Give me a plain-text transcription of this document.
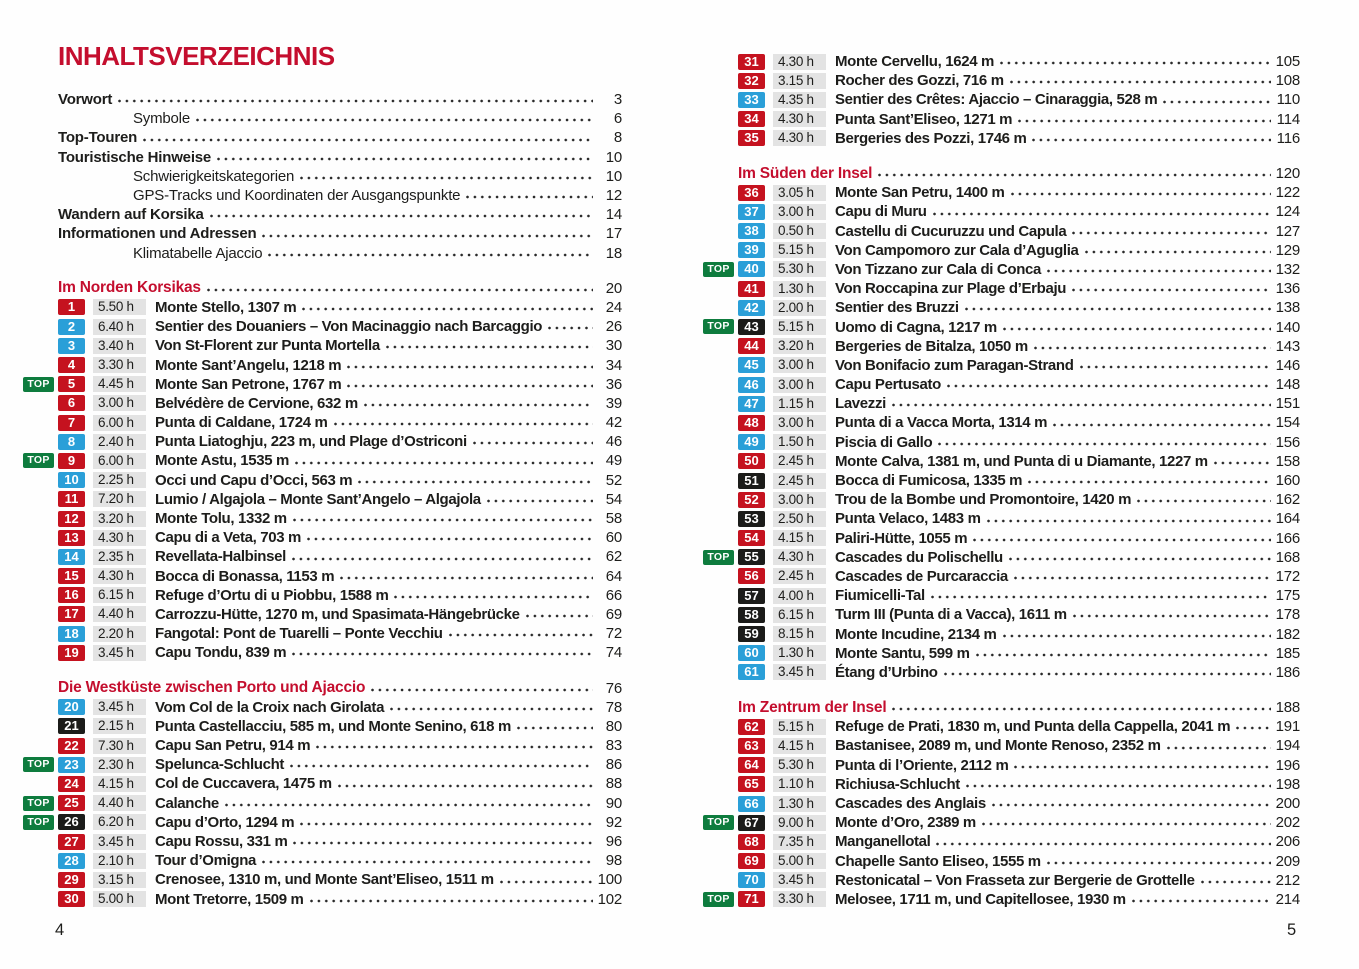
INHALTSVERZEICHNIS
Vorwort	3
Symbole	6
Top-Touren	8
Touristische Hinweise	10
Schwierigkeitskategorien	10
GPS-Tracks und Koordinaten der Ausgangspunkte	12
Wandern auf Korsika	14
Informationen und Adressen	17
Klimatabelle Ajaccio	18
Im Norden Korsikas	20
1	5.50 h	Monte Stello, 1307 m	24
2	6.40 h	Sentier des Douaniers – Von Macinaggio nach Barcaggio	26
3	3.40 h	Von St-Florent zur Punta Mortella	30
4	3.30 h	Monte Sant’Angelu, 1218 m	34
TOP	5	4.45 h	Monte San Petrone, 1767 m	36
6	3.00 h	Belvédère de Cervione, 632 m	39
7	6.00 h	Punta di Caldane, 1724 m	42
8	2.40 h	Punta Liatoghju, 223 m, und Plage d’Ostriconi	46
TOP	9	6.00 h	Monte Astu, 1535 m	49
10	2.25 h	Occi und Capu d’Occi, 563 m	52
11	7.20 h	Lumio / Algajola – Monte Sant’Angelo – Algajola	54
12	3.20 h	Monte Tolu, 1332 m	58
13	4.30 h	Capu di a Veta, 703 m	60
14	2.35 h	Revellata-Halbinsel	62
15	4.30 h	Bocca di Bonassa, 1153 m	64
16	6.15 h	Refuge d’Ortu di u Piobbu, 1588 m	66
17	4.40 h	Carrozzu-Hütte, 1270 m, und Spasimata-Hängebrücke	69
18	2.20 h	Fangotal: Pont de Tuarelli – Ponte Vecchiu	72
19	3.45 h	Capu Tondu, 839 m	74
Die Westküste zwischen Porto und Ajaccio	76
20	3.45 h	Vom Col de la Croix nach Girolata	78
21	2.15 h	Punta Castellacciu, 585 m, und Monte Senino, 618 m	80
22	7.30 h	Capu San Petru, 914 m	83
TOP	23	2.30 h	Spelunca-Schlucht	86
24	4.15 h	Col de Cuccavera, 1475 m	88
TOP	25	4.40 h	Calanche	90
TOP	26	6.20 h	Capu d’Orto, 1294 m	92
27	3.45 h	Capu Rossu, 331 m	96
28	2.10 h	Tour d’Omigna	98
29	3.15 h	Crenosee, 1310 m, und Monte Sant’Eliseo, 1511 m	100
30	5.00 h	Mont Tretorre, 1509 m	102
31	4.30 h	Monte Cervellu, 1624 m	105
32	3.15 h	Rocher des Gozzi, 716 m	108
33	4.35 h	Sentier des Crêtes: Ajaccio – Cinaraggia, 528 m	110
34	4.30 h	Punta Sant’Eliseo, 1271 m	114
35	4.30 h	Bergeries des Pozzi, 1746 m	116
Im Süden der Insel	120
36	3.05 h	Monte San Petru, 1400 m	122
37	3.00 h	Capu di Muru	124
38	0.50 h	Castellu di Cucuruzzu und Capula	127
39	5.15 h	Von Campomoro zur Cala d’Aguglia	129
TOP	40	5.30 h	Von Tizzano zur Cala di Conca	132
41	1.30 h	Von Roccapina zur Plage d’Erbaju	136
42	2.00 h	Sentier des Bruzzi	138
TOP	43	5.15 h	Uomo di Cagna, 1217 m	140
44	3.20 h	Bergeries de Bitalza, 1050 m	143
45	3.00 h	Von Bonifacio zum Paragan-Strand	146
46	3.00 h	Capu Pertusato	148
47	1.15 h	Lavezzi	151
48	3.00 h	Punta di a Vacca Morta, 1314 m	154
49	1.50 h	Piscia di Gallo	156
50	2.45 h	Monte Calva, 1381 m, und Punta di u Diamante, 1227 m	158
51	2.45 h	Bocca di Fumicosa, 1335 m	160
52	3.00 h	Trou de la Bombe und Promontoire, 1420 m	162
53	2.50 h	Punta Velaco, 1483 m	164
54	4.15 h	Paliri-Hütte, 1055 m	166
TOP	55	4.30 h	Cascades du Polischellu	168
56	2.45 h	Cascades de Purcaraccia	172
57	4.00 h	Fiumicelli-Tal	175
58	6.15 h	Turm III (Punta di a Vacca), 1611 m	178
59	8.15 h	Monte Incudine, 2134 m	182
60	1.30 h	Monte Santu, 599 m	185
61	3.45 h	Étang d’Urbino	186
Im Zentrum der Insel	188
62	5.15 h	Refuge de Prati, 1830 m, und Punta della Cappella, 2041 m	191
63	4.15 h	Bastanisee, 2089 m, und Monte Renoso, 2352 m	194
64	5.30 h	Punta di l’Oriente, 2112 m	196
65	1.10 h	Richiusa-Schlucht	198
66	1.30 h	Cascades des Anglais	200
TOP	67	9.00 h	Monte d’Oro, 2389 m	202
68	7.35 h	Manganellotal	206
69	5.00 h	Chapelle Santo Eliseo, 1555 m	209
70	3.45 h	Restonicatal – Von Frasseta zur Bergerie de Grottelle	212
TOP	71	3.30 h	Melosee, 1711 m, und Capitellosee, 1930 m	214
4	5
